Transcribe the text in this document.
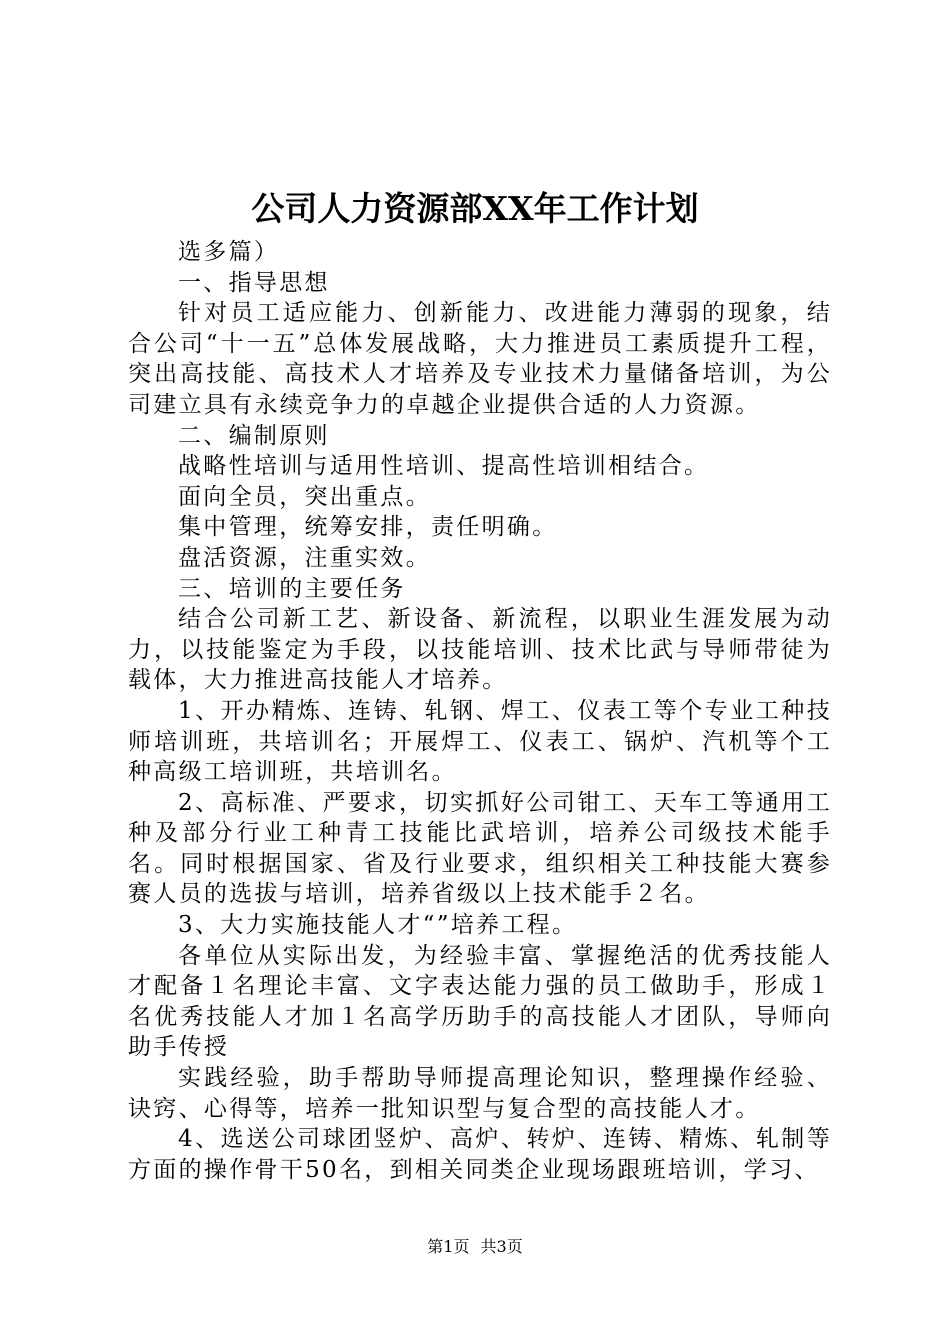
公司人力资源部XX年工作计划

选多篇）

一、指导思想

针对员工适应能力、创新能力、改进能力薄弱的现象，结合公司“十一五”总体发展战略，大力推进员工素质提升工程，突出高技能、高技术人才培养及专业技术力量储备培训，为公司建立具有永续竞争力的卓越企业提供合适的人力资源。

二、编制原则

战略性培训与适用性培训、提高性培训相结合。

面向全员，突出重点。

集中管理，统筹安排，责任明确。

盘活资源，注重实效。

三、培训的主要任务

结合公司新工艺、新设备、新流程，以职业生涯发展为动力，以技能鉴定为手段，以技能培训、技术比武与导师带徒为载体，大力推进高技能人才培养。

1、开办精炼、连铸、轧钢、焊工、仪表工等个专业工种技师培训班，共培训名；开展焊工、仪表工、锅炉、汽机等个工种高级工培训班，共培训名。

2、高标准、严要求，切实抓好公司钳工、天车工等通用工种及部分行业工种青工技能比武培训，培养公司级技术能手名。同时根据国家、省及行业要求，组织相关工种技能大赛参赛人员的选拔与培训，培养省级以上技术能手２名。

3、大力实施技能人才“”培养工程。

各单位从实际出发，为经验丰富、掌握绝活的优秀技能人才配备１名理论丰富、文字表达能力强的员工做助手，形成１名优秀技能人才加１名高学历助手的高技能人才团队，导师向助手传授

实践经验，助手帮助导师提高理论知识，整理操作经验、诀窍、心得等，培养一批知识型与复合型的高技能人才。

4、选送公司球团竖炉、高炉、转炉、连铸、精炼、轧制等方面的操作骨干50名，到相关同类企业现场跟班培训，学习、

第1页 共3页
